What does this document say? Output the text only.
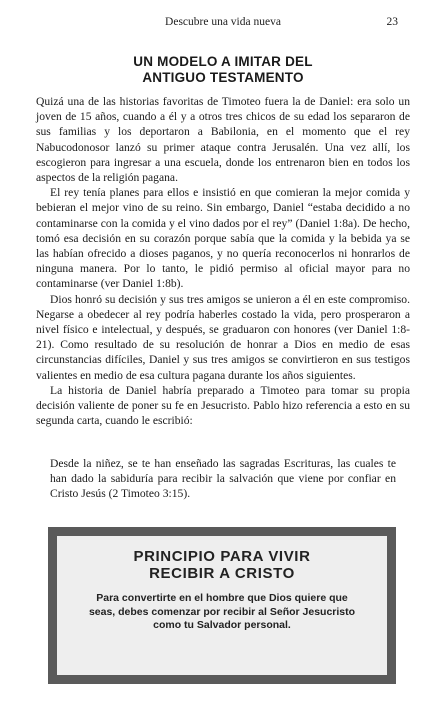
Descubre una vida nueva	23
UN MODELO A IMITAR DEL
ANTIGUO TESTAMENTO

Quizá una de las historias favoritas de Timoteo fuera la de Daniel: era solo un joven de 15 años, cuando a él y a otros tres chicos de su edad los separaron de sus familias y los deportaron a Babilonia, en el momento que el rey Nabucodonosor lanzó su primer ataque contra Jerusalén. Una vez allí, los escogieron para ingresar a una escuela, donde los entrenaron bien en todos los aspectos de la religión pagana.

El rey tenía planes para ellos e insistió en que comieran la mejor comida y bebieran el mejor vino de su reino. Sin embargo, Daniel “estaba decidido a no contaminarse con la comida y el vino dados por el rey” (Daniel 1:8a). De hecho, tomó esa decisión en su corazón porque sabía que la comida y la bebida ya se las habían ofrecido a dioses paganos, y no quería reconocerlos ni honrarlos de ninguna manera. Por lo tanto, le pidió permiso al oficial mayor para no contaminarse (ver Daniel 1:8b).

Dios honró su decisión y sus tres amigos se unieron a él en este compromiso. Negarse a obedecer al rey podría haberles costado la vida, pero prosperaron a nivel físico e intelectual, y después, se graduaron con honores (ver Daniel 1:8-21). Como resultado de su resolución de honrar a Dios en medio de esas circunstancias difíciles, Daniel y sus tres amigos se convirtieron en sus testigos valientes en medio de esa cultura pagana durante los años siguientes.

La historia de Daniel habría preparado a Timoteo para tomar su propia decisión valiente de poner su fe en Jesucristo. Pablo hizo referencia a esto en su segunda carta, cuando le escribió:

Desde la niñez, se te han enseñado las sagradas Escrituras, las cuales te han dado la sabiduría para recibir la salvación que viene por confiar en Cristo Jesús (2 Timoteo 3:15).

PRINCIPIO PARA VIVIR
RECIBIR A CRISTO
Para convertirte en el hombre que Dios quiere que seas, debes comenzar por recibir al Señor Jesucristo como tu Salvador personal.
